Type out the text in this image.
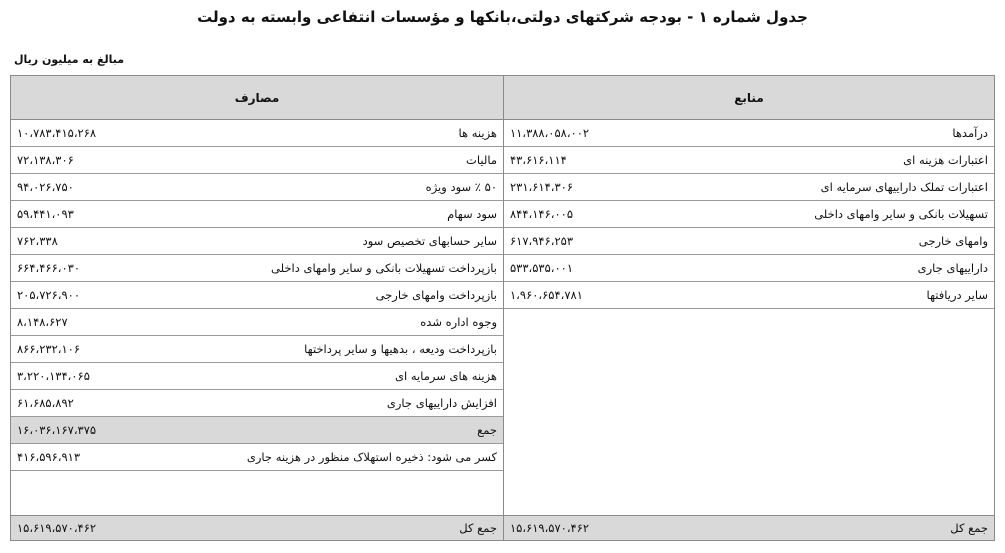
جدول شماره ۱ - بودجه شرکتهای دولتی،بانکها و مؤسسات انتفاعی وابسته به دولت
مبالغ به میلیون ریال
مصارف
هزینه ها
۱۰،۷۸۳،۴۱۵،۲۶۸
مالیات
۷۲،۱۳۸،۳۰۶
۵۰ ٪ سود ویژه
۹۴،۰۲۶،۷۵۰
سود سهام
۵۹،۴۴۱،۰۹۳
سایر حسابهای تخصیص سود
۷۶۲،۳۳۸
بازپرداخت تسهیلات بانکی و سایر وامهای داخلی
۶۶۴،۴۶۶،۰۳۰
بازپرداخت وامهای خارجی
۲۰۵،۷۲۶،۹۰۰
وجوه اداره شده
۸،۱۴۸،۶۲۷
بازپرداخت ودیعه ، بدهیها و سایر پرداختها
۸۶۶،۲۳۲،۱۰۶
هزینه های سرمایه ای
۳،۲۲۰،۱۳۴،۰۶۵
افزایش داراییهای جاری
۶۱،۶۸۵،۸۹۲
جمع
۱۶،۰۳۶،۱۶۷،۳۷۵
کسر می شود: ذخیره استهلاک منظور در هزینه جاری
۴۱۶،۵۹۶،۹۱۳
جمع کل
۱۵،۶۱۹،۵۷۰،۴۶۲
منابع
درآمدها
۱۱،۳۸۸،۰۵۸،۰۰۲
اعتبارات هزینه ای
۴۳،۶۱۶،۱۱۴
اعتبارات تملک داراییهای سرمایه ای
۲۳۱،۶۱۴،۳۰۶
تسهیلات بانکی و سایر وامهای داخلی
۸۴۴،۱۴۶،۰۰۵
وامهای خارجی
۶۱۷،۹۴۶،۲۵۳
داراییهای جاری
۵۳۳،۵۳۵،۰۰۱
سایر دریافتها
۱،۹۶۰،۶۵۴،۷۸۱
جمع کل
۱۵،۶۱۹،۵۷۰،۴۶۲
